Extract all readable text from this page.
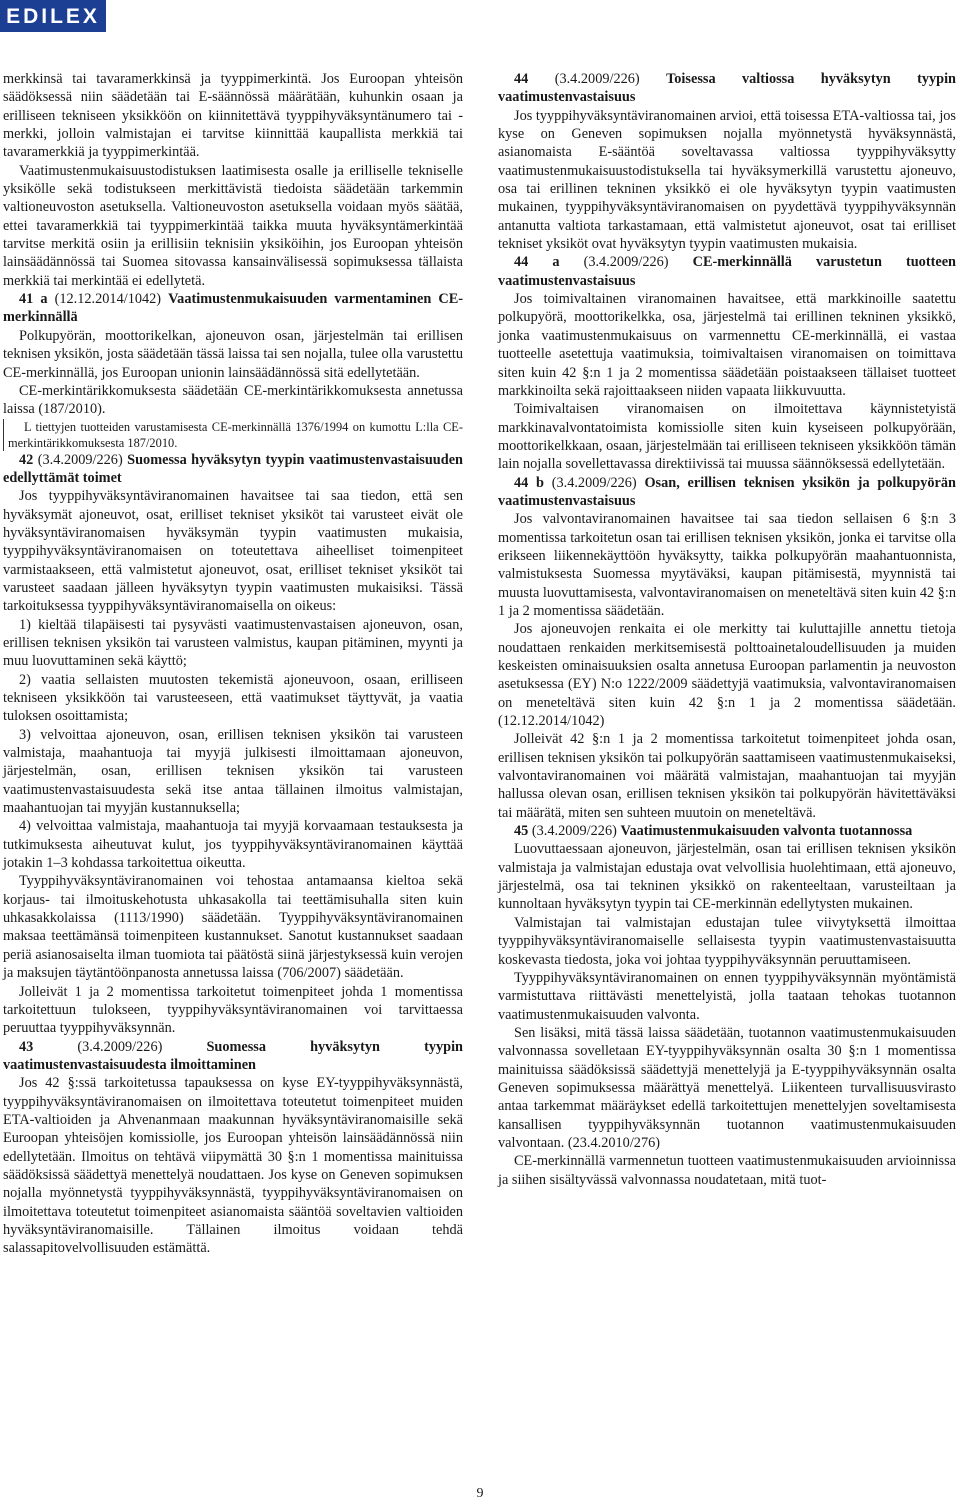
EDILEX

merkkinsä tai tavaramerkkinsä ja tyyppimerkintä. Jos Euroopan yhteisön säädöksessä niin säädetään tai E-säännössä määrätään, kuhunkin osaan ja erilliseen tekniseen yksikköön on kiinnitettävä tyyppihyväksyntänumero tai -merkki, jolloin valmistajan ei tarvitse kiinnittää kaupallista merkkiä tai tavaramerkkiä ja tyyppimerkintää.

Vaatimustenmukaisuustodistuksen laatimisesta osalle ja erilliselle tekniselle yksikölle sekä todistukseen merkittävistä tiedoista säädetään tarkemmin valtioneuvoston asetuksella. Valtioneuvoston asetuksella voidaan myös säätää, ettei tavaramerkkiä tai tyyppimerkintää taikka muuta hyväksyntämerkintää tarvitse merkitä osiin ja erillisiin teknisiin yksiköihin, jos Euroopan yhteisön lainsäädännössä tai Suomea sitovassa kansainvälisessä sopimuksessa tällaista merkkiä tai merkintää ei edellytetä.

41 a (12.12.2014/1042) Vaatimustenmukaisuuden varmentaminen CE-merkinnällä

Polkupyörän, moottorikelkan, ajoneuvon osan, järjestelmän tai erillisen teknisen yksikön, josta säädetään tässä laissa tai sen nojalla, tulee olla varustettu CE-merkinnällä, jos Euroopan unionin lainsäädännössä sitä edellytetään.

CE-merkintärikkomuksesta säädetään CE-merkintärikkomuksesta annetussa laissa (187/2010).

L tiettyjen tuotteiden varustamisesta CE-merkinnällä 1376/1994 on kumottu L:lla CE-merkintärikkomuksesta 187/2010.

42 (3.4.2009/226) Suomessa hyväksytyn tyypin vaatimustenvastaisuuden edellyttämät toimet

Jos tyyppihyväksyntäviranomainen havaitsee tai saa tiedon, että sen hyväksymät ajoneuvot, osat, erilliset tekniset yksiköt tai varusteet eivät ole hyväksyntäviranomaisen hyväksymän tyypin vaatimusten mukaisia, tyyppihyväksyntäviranomaisen on toteutettava aiheelliset toimenpiteet varmistaakseen, että valmistetut ajoneuvot, osat, erilliset tekniset yksiköt tai varusteet saadaan jälleen hyväksytyn tyypin vaatimusten mukaisiksi. Tässä tarkoituksessa tyyppihyväksyntäviranomaisella on oikeus:

1) kieltää tilapäisesti tai pysyvästi vaatimustenvastaisen ajoneuvon, osan, erillisen teknisen yksikön tai varusteen valmistus, kaupan pitäminen, myynti ja muu luovuttaminen sekä käyttö;

2) vaatia sellaisten muutosten tekemistä ajoneuvoon, osaan, erilliseen tekniseen yksikköön tai varusteeseen, että vaatimukset täyttyvät, ja vaatia tuloksen osoittamista;

3) velvoittaa ajoneuvon, osan, erillisen teknisen yksikön tai varusteen valmistaja, maahantuoja tai myyjä julkisesti ilmoittamaan ajoneuvon, järjestelmän, osan, erillisen teknisen yksikön tai varusteen vaatimustenvastaisuudesta sekä itse antaa tällainen ilmoitus valmistajan, maahantuojan tai myyjän kustannuksella;

4) velvoittaa valmistaja, maahantuoja tai myyjä korvaamaan testauksesta ja tutkimuksesta aiheutuvat kulut, jos tyyppihyväksyntäviranomainen käyttää jotakin 1–3 kohdassa tarkoitettua oikeutta.

Tyyppihyväksyntäviranomainen voi tehostaa antamaansa kieltoa sekä korjaus- tai ilmoituskehotusta uhkasakolla tai teettämisuhalla siten kuin uhkasakkolaissa (1113/1990) säädetään. Tyyppihyväksyntäviranomainen maksaa teettämänsä toimenpiteen kustannukset. Sanotut kustannukset saadaan periä asianosaiselta ilman tuomiota tai päätöstä siinä järjestyksessä kuin verojen ja maksujen täytäntöönpanosta annetussa laissa (706/2007) säädetään.

Jolleivät 1 ja 2 momentissa tarkoitetut toimenpiteet johda 1 momentissa tarkoitettuun tulokseen, tyyppihyväksyntäviranomainen voi tarvittaessa peruuttaa tyyppihyväksynnän.

43	(3.4.2009/226)	Suomessa hyväksytyn tyypin vaatimustenvastaisuudesta ilmoittaminen

Jos 42 §:ssä tarkoitetussa tapauksessa on kyse EY-tyyppihyväksynnästä, tyyppihyväksyntäviranomaisen on ilmoitettava toteutetut toimenpiteet muiden ETA-valtioiden ja Ahvenanmaan maakunnan hyväksyntäviranomaisille sekä Euroopan yhteisöjen komissiolle, jos Euroopan yhteisön lainsäädännössä niin edellytetään. Ilmoitus on tehtävä viipymättä 30 §:n 1 momentissa mainituissa säädöksissä säädettyä menettelyä noudattaen. Jos kyse on Geneven sopimuksen nojalla myönnetystä tyyppihyväksynnästä, tyyppihyväksyntäviranomaisen on ilmoitettava toteutetut toimenpiteet asianomaista sääntöä soveltavien valtioiden hyväksyntäviranomaisille. Tällainen ilmoitus voidaan tehdä salassapitovelvollisuuden estämättä.

44 (3.4.2009/226) Toisessa valtiossa hyväksytyn tyypin vaatimustenvastaisuus

Jos tyyppihyväksyntäviranomainen arvioi, että toisessa ETA-valtiossa tai, jos kyse on Geneven sopimuksen nojalla myönnetystä hyväksynnästä, asianomaista E-sääntöä soveltavassa valtiossa tyyppihyväksytty vaatimustenmukaisuustodistuksella tai hyväksymerkillä varustettu ajoneuvo, osa tai erillinen tekninen yksikkö ei ole hyväksytyn tyypin vaatimusten mukainen, tyyppihyväksyntäviranomaisen on pyydettävä tyyppihyväksynnän antanutta valtiota tarkastamaan, että valmistetut ajoneuvot, osat tai erilliset tekniset yksiköt ovat hyväksytyn tyypin vaatimusten mukaisia.

44 a (3.4.2009/226) CE-merkinnällä varustetun tuotteen vaatimustenvastaisuus

Jos toimivaltainen viranomainen havaitsee, että markkinoille saatettu polkupyörä, moottorikelkka, osa, järjestelmä tai erillinen tekninen yksikkö, jonka vaatimustenmukaisuus on varmennettu CE-merkinnällä, ei vastaa tuotteelle asetettuja vaatimuksia, toimivaltaisen viranomaisen on toimittava siten kuin 42 §:n 1 ja 2 momentissa säädetään poistaakseen tällaiset tuotteet markkinoilta sekä rajoittaakseen niiden vapaata liikkuvuutta.

Toimivaltaisen viranomaisen on ilmoitettava käynnistetyistä markkinavalvontatoimista komissiolle siten kuin kyseiseen polkupyörään, moottorikelkkaan, osaan, järjestelmään tai erilliseen tekniseen yksikköön tämän lain nojalla sovellettavassa direktiivissä tai muussa säännöksessä edellytetään.

44 b (3.4.2009/226) Osan, erillisen teknisen yksikön ja polkupyörän vaatimustenvastaisuus

Jos valvontaviranomainen havaitsee tai saa tiedon sellaisen 6 §:n 3 momentissa tarkoitetun osan tai erillisen teknisen yksikön, jonka ei tarvitse olla erikseen liikennekäyttöön hyväksytty, taikka polkupyörän maahantuonnista, valmistuksesta Suomessa myytäväksi, kaupan pitämisestä, myynnistä tai muusta luovuttamisesta, valvontaviranomaisen on meneteltävä siten kuin 42 §:n 1 ja 2 momentissa säädetään.

Jos ajoneuvojen renkaita ei ole merkitty tai kuluttajille annettu tietoja noudattaen renkaiden merkitsemisestä polttoainetaloudellisuuden ja muiden keskeisten ominaisuuksien osalta annetusa Euroopan parlamentin ja neuvoston asetuksessa (EY) N:o 1222/2009 säädettyjä vaatimuksia, valvontaviranomaisen on meneteltävä siten kuin 42 §:n 1 ja 2 momentissa säädetään. (12.12.2014/1042)

Jolleivät 42 §:n 1 ja 2 momentissa tarkoitetut toimenpiteet johda osan, erillisen teknisen yksikön tai polkupyörän saattamiseen vaatimustenmukaiseksi, valvontaviranomainen voi määrätä valmistajan, maahantuojan tai myyjän hallussa olevan osan, erillisen teknisen yksikön tai polkupyörän hävitettäväksi tai määrätä, miten sen suhteen muutoin on meneteltävä.

45 (3.4.2009/226) Vaatimustenmukaisuuden valvonta tuotannossa

Luovuttaessaan ajoneuvon, järjestelmän, osan tai erillisen teknisen yksikön valmistaja ja valmistajan edustaja ovat velvollisia huolehtimaan, että ajoneuvo, järjestelmä, osa tai tekninen yksikkö on rakenteeltaan, varusteiltaan ja kunnoltaan hyväksytyn tyypin tai CE-merkinnän edellytysten mukainen.

Valmistajan tai valmistajan edustajan tulee viivytyksettä ilmoittaa tyyppihyväksyntäviranomaiselle sellaisesta tyypin vaatimustenvastaisuutta koskevasta tiedosta, joka voi johtaa tyyppihyväksynnän peruuttamiseen.

Tyyppihyväksyntäviranomainen on ennen tyyppihyväksynnän myöntämistä varmistuttava riittävästi menettelyistä, jolla taataan tehokas tuotannon vaatimustenmukaisuuden valvonta.

Sen lisäksi, mitä tässä laissa säädetään, tuotannon vaatimustenmukaisuuden valvonnassa sovelletaan EY-tyyppihyväksynnän osalta 30 §:n 1 momentissa mainituissa säädöksissä säädettyjä menettelyjä ja E-tyyppihyväksynnän osalta Geneven sopimuksessa määrättyä menettelyä. Liikenteen turvallisuusvirasto antaa tarkemmat määräykset edellä tarkoitettujen menettelyjen soveltamisesta kansallisen tyyppihyväksynnän tuotannon vaatimustenmukaisuuden valvontaan. (23.4.2010/276)

CE-merkinnällä varmennetun tuotteen vaatimustenmukaisuuden arvioinnissa ja siihen sisältyvässä valvonnassa noudatetaan, mitä tuot-

9
